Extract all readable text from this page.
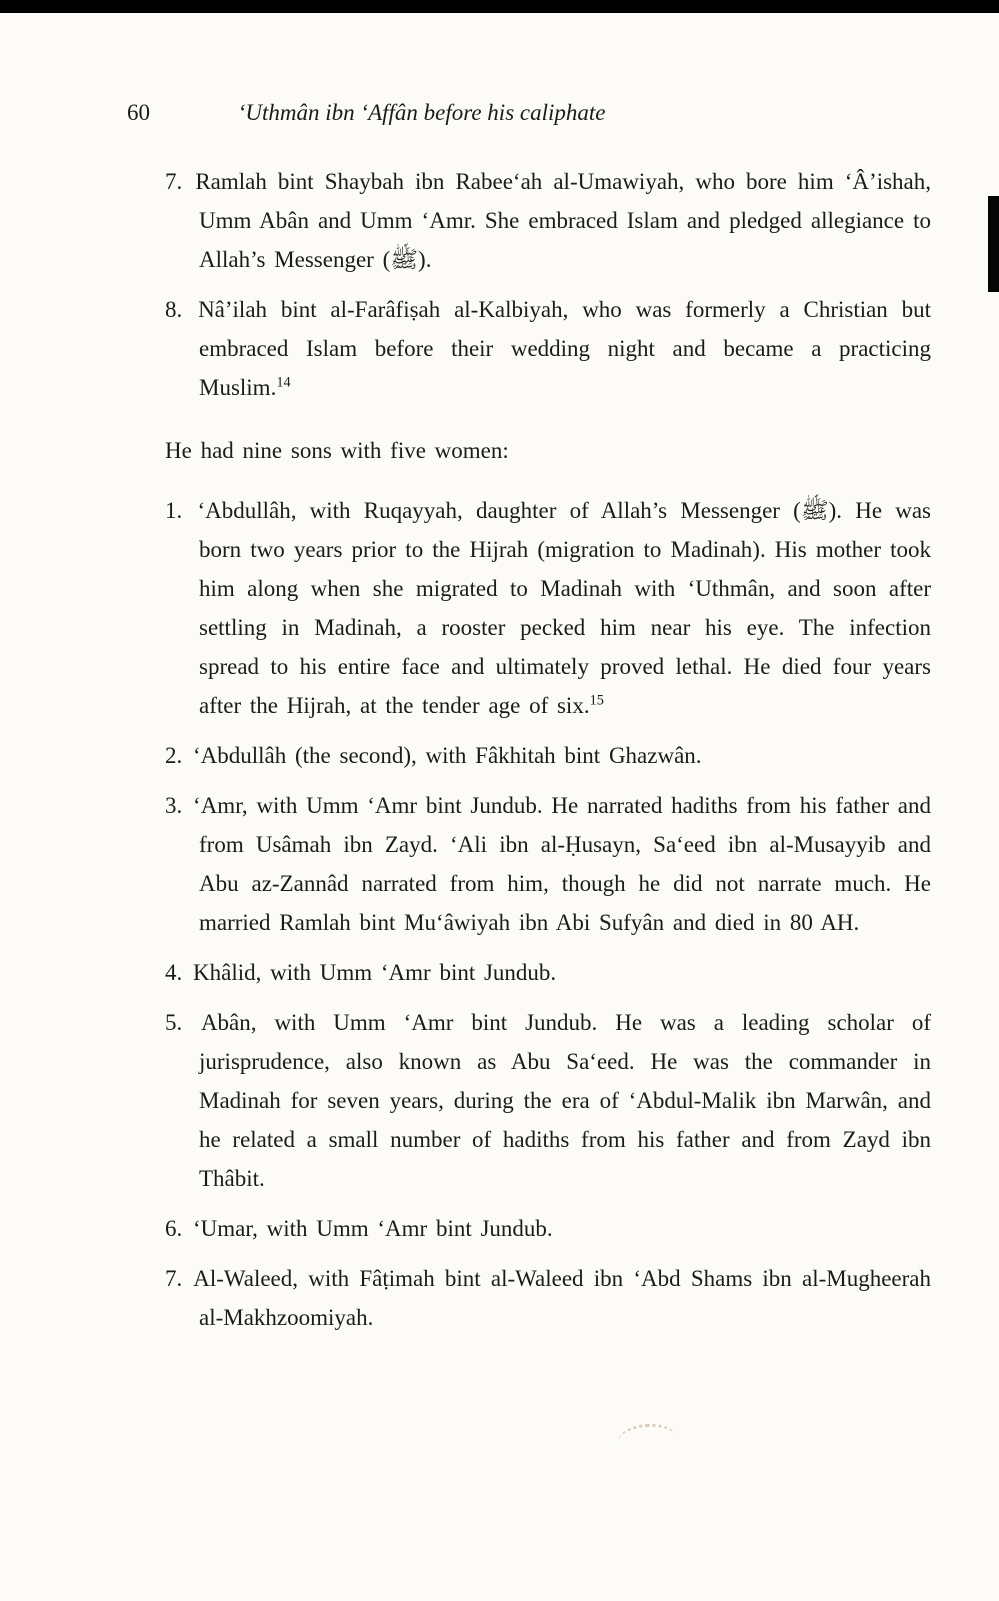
60	‘Uthmân ibn ‘Affân before his caliphate
7. Ramlah bint Shaybah ibn Rabee‘ah al-Umawiyah, who bore him ‘Â’ishah, Umm Abân and Umm ‘Amr. She embraced Islam and pledged allegiance to Allah’s Messenger (ﷺ).
8. Nâ’ilah bint al-Farâfiṣah al-Kalbiyah, who was formerly a Christian but embraced Islam before their wedding night and became a practicing Muslim.$^{14}$

He had nine sons with five women:

1. ‘Abdullâh, with Ruqayyah, daughter of Allah’s Messenger (ﷺ). He was born two years prior to the Hijrah (migration to Madinah). His mother took him along when she migrated to Madinah with ‘Uthmân, and soon after settling in Madinah, a rooster pecked him near his eye. The infection spread to his entire face and ultimately proved lethal. He died four years after the Hijrah, at the tender age of six.$^{15}$
2. ‘Abdullâh (the second), with Fâkhitah bint Ghazwân.
3. ‘Amr, with Umm ‘Amr bint Jundub. He narrated hadiths from his father and from Usâmah ibn Zayd. ‘Ali ibn al-Ḥusayn, Sa‘eed ibn al-Musayyib and Abu az-Zannâd narrated from him, though he did not narrate much. He married Ramlah bint Mu‘âwiyah ibn Abi Sufyân and died in 80 AH.
4. Khâlid, with Umm ‘Amr bint Jundub.
5. Abân, with Umm ‘Amr bint Jundub. He was a leading scholar of jurisprudence, also known as Abu Sa‘eed. He was the commander in Madinah for seven years, during the era of ‘Abdul-Malik ibn Marwân, and he related a small number of hadiths from his father and from Zayd ibn Thâbit.
6. ‘Umar, with Umm ‘Amr bint Jundub.
7. Al-Waleed, with Fâṭimah bint al-Waleed ibn ‘Abd Shams ibn al-Mugheerah al-Makhzoomiyah.
